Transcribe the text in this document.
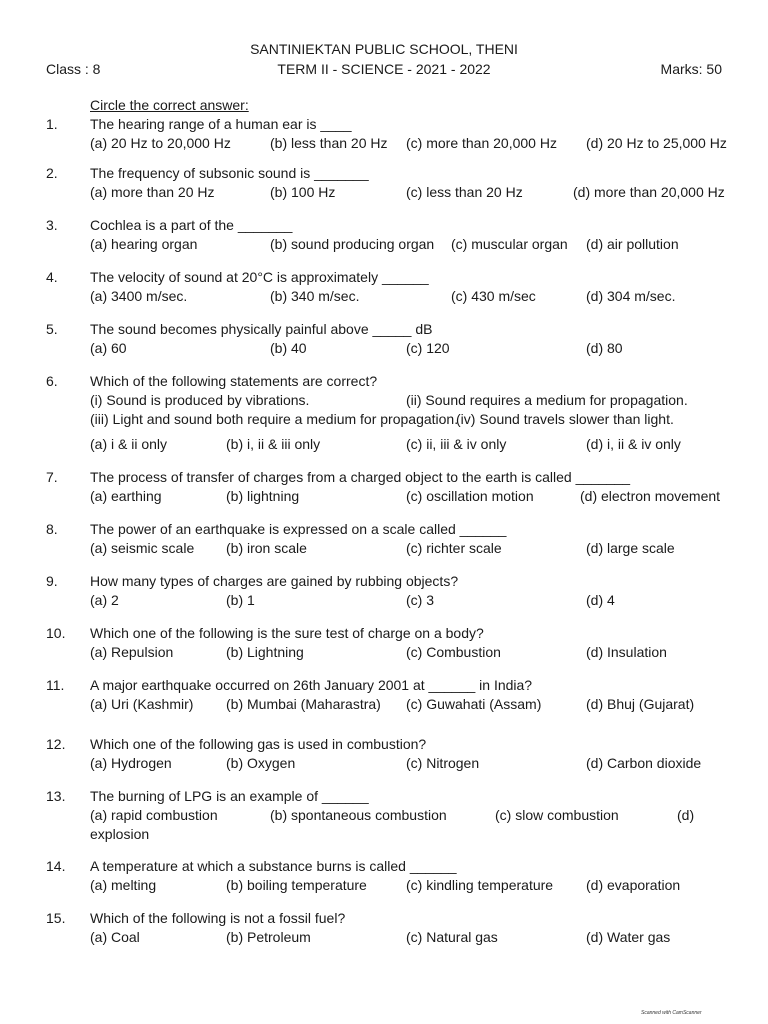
SANTINIEKTAN PUBLIC SCHOOL, THENI
Class : 8	TERM II - SCIENCE - 2021 - 2022	Marks: 50
Circle the correct answer:
1. The hearing range of a human ear is ____
(a) 20 Hz to 20,000 Hz	(b) less than 20 Hz (c) more than 20,000 Hz (d) 20 Hz to 25,000 Hz
2. The frequency of subsonic sound is _______
(a) more than 20 Hz	(b) 100 Hz	(c) less than 20 Hz	(d) more than 20,000 Hz
3. Cochlea is a part of the _______
(a) hearing organ	(b) sound producing organ (c) muscular organ (d) air pollution
4. The velocity of sound at 20°C is approximately ______
(a) 3400 m/sec.	(b) 340 m/sec.	(c) 430 m/sec	(d) 304 m/sec.
5. The sound becomes physically painful above _____ dB
(a) 60	(b) 40	(c) 120	(d) 80
6. Which of the following statements are correct?
(i) Sound is produced by vibrations.	(ii) Sound requires a medium for propagation.
(iii) Light and sound both require a medium for propagation.
(iv) Sound travels slower than light.
(a) i & ii only	(b) i, ii & iii only	(c) ii, iii & iv only	(d) i, ii & iv only
7. The process of transfer of charges from a charged object to the earth is called _______
(a) earthing	(b) lightning	(c) oscillation motion	(d) electron movement
8. The power of an earthquake is expressed on a scale called ______
(a) seismic scale (b) iron scale	(c) richter scale	(d) large scale
9. How many types of charges are gained by rubbing objects?
(a) 2	(b) 1	(c) 3	(d) 4
10. Which one of the following is the sure test of charge on a body?
(a) Repulsion	(b) Lightning	(c) Combustion	(d) Insulation
11. A major earthquake occurred on 26th January 2001 at ______ in India?
(a) Uri (Kashmir) (b) Mumbai (Maharastra) (c) Guwahati (Assam)	(d) Bhuj (Gujarat)
12. Which one of the following gas is used in combustion?
(a) Hydrogen	(b) Oxygen	(c) Nitrogen	(d) Carbon dioxide
13. The burning of LPG is an example of ______
(a) rapid combustion	(b) spontaneous combustion	(c) slow combustion	(d)
explosion
14. A temperature at which a substance burns is called ______
(a) melting	(b) boiling temperature	(c) kindling temperature (d) evaporation
15. Which of the following is not a fossil fuel?
(a) Coal	(b) Petroleum	(c) Natural gas	(d) Water gas
Scanned with CamScanner
